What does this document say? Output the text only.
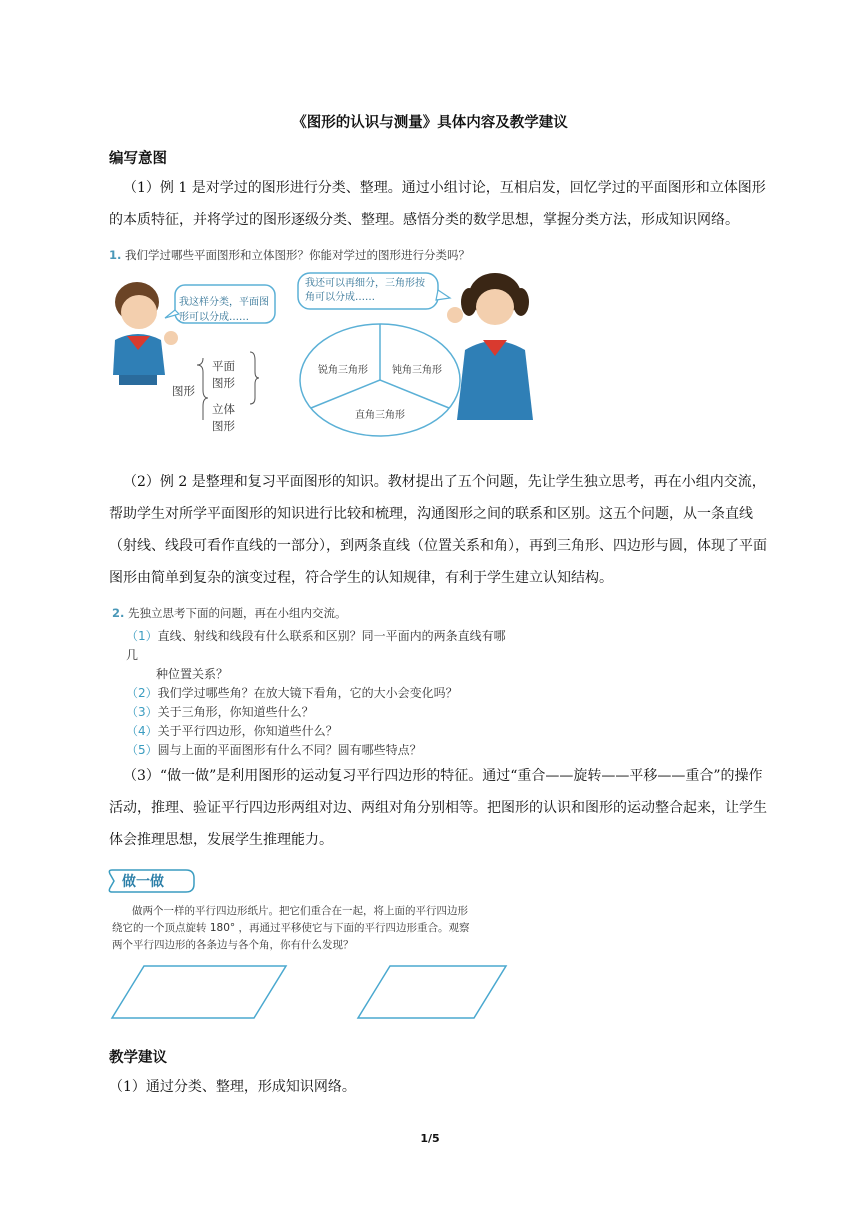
《图形的认识与测量》具体内容及教学建议
编写意图

（1）例 1 是对学过的图形进行分类、整理。通过小组讨论，互相启发，回忆学过的平面图形和立体图形的本质特征，并将学过的图形逐级分类、整理。感悟分类的数学思想，掌握分类方法，形成知识网络。

1. 我们学过哪些平面图形和立体图形？你能对学过的图形进行分类吗？
我这样分类，平面图形可以分成……
我还可以再细分，三角形按角可以分成……
图形
平面图形
立体图形
锐角三角形 钝角三角形
直角三角形

（2）例 2 是整理和复习平面图形的知识。教材提出了五个问题，先让学生独立思考，再在小组内交流，帮助学生对所学平面图形的知识进行比较和梳理，沟通图形之间的联系和区别。这五个问题，从一条直线（射线、线段可看作直线的一部分），到两条直线（位置关系和角），再到三角形、四边形与圆，体现了平面图形由简单到复杂的演变过程，符合学生的认知规律，有利于学生建立认知结构。

2. 先独立思考下面的问题，再在小组内交流。
（1）直线、射线和线段有什么联系和区别？同一平面内的两条直线有哪几
种位置关系？
（2）我们学过哪些角？在放大镜下看角，它的大小会变化吗？
（3）关于三角形，你知道些什么？
（4）关于平行四边形，你知道些什么？
（5）圆与上面的平面图形有什么不同？圆有哪些特点？

（3）“做一做”是利用图形的运动复习平行四边形的特征。通过“重合——旋转——平移——重合”的操作活动，推理、验证平行四边形两组对边、两组对角分别相等。把图形的认识和图形的运动整合起来，让学生体会推理思想，发展学生推理能力。

做一做
做两个一样的平行四边形纸片。把它们重合在一起，将上面的平行四边形
绕它的一个顶点旋转 180° ，再通过平移使它与下面的平行四边形重合。观察
两个平行四边形的各条边与各个角，你有什么发现？
教学建议

（1）通过分类、整理，形成知识网络。

1/5
